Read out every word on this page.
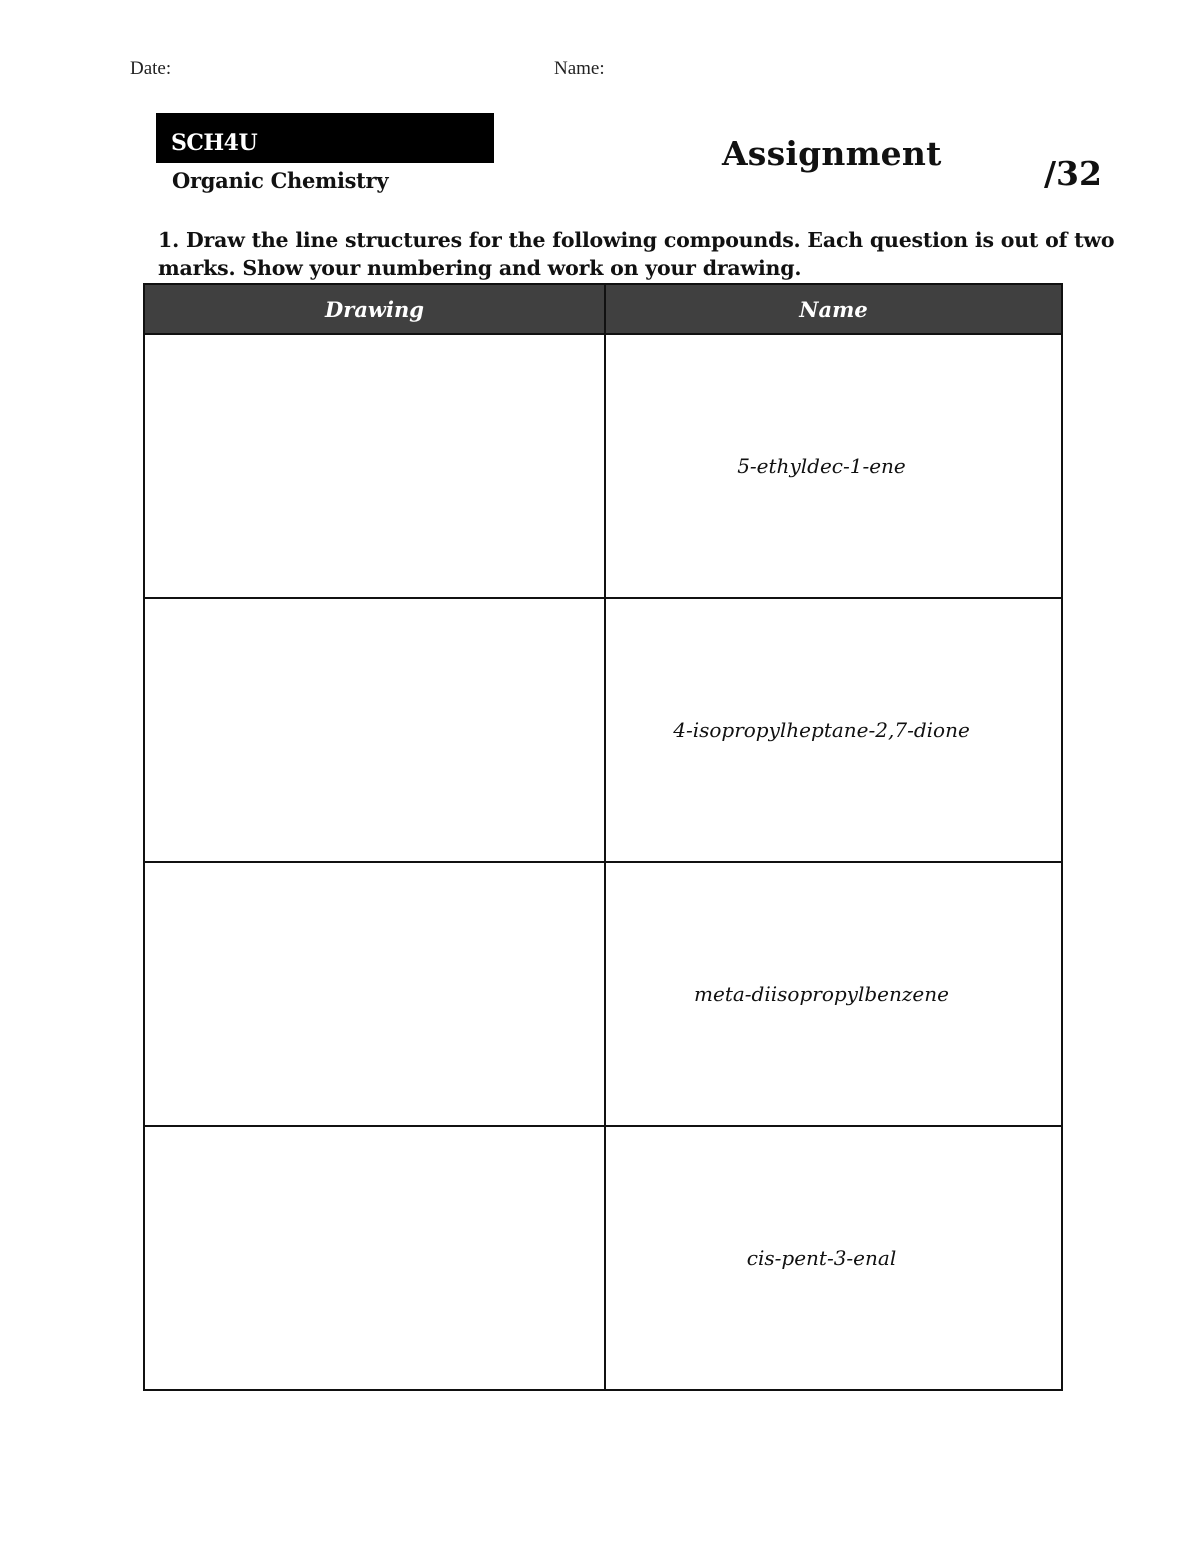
Date:	Name:
SCH4U
Organic Chemistry
Assignment
/32
1. Draw the line structures for the following compounds. Each question is out of two marks. Show your numbering and work on your drawing.
Drawing	Name
	5-ethyldec-1-ene
	4-isopropylheptane-2,7-dione
	meta-diisopropylbenzene
	cis-pent-3-enal
